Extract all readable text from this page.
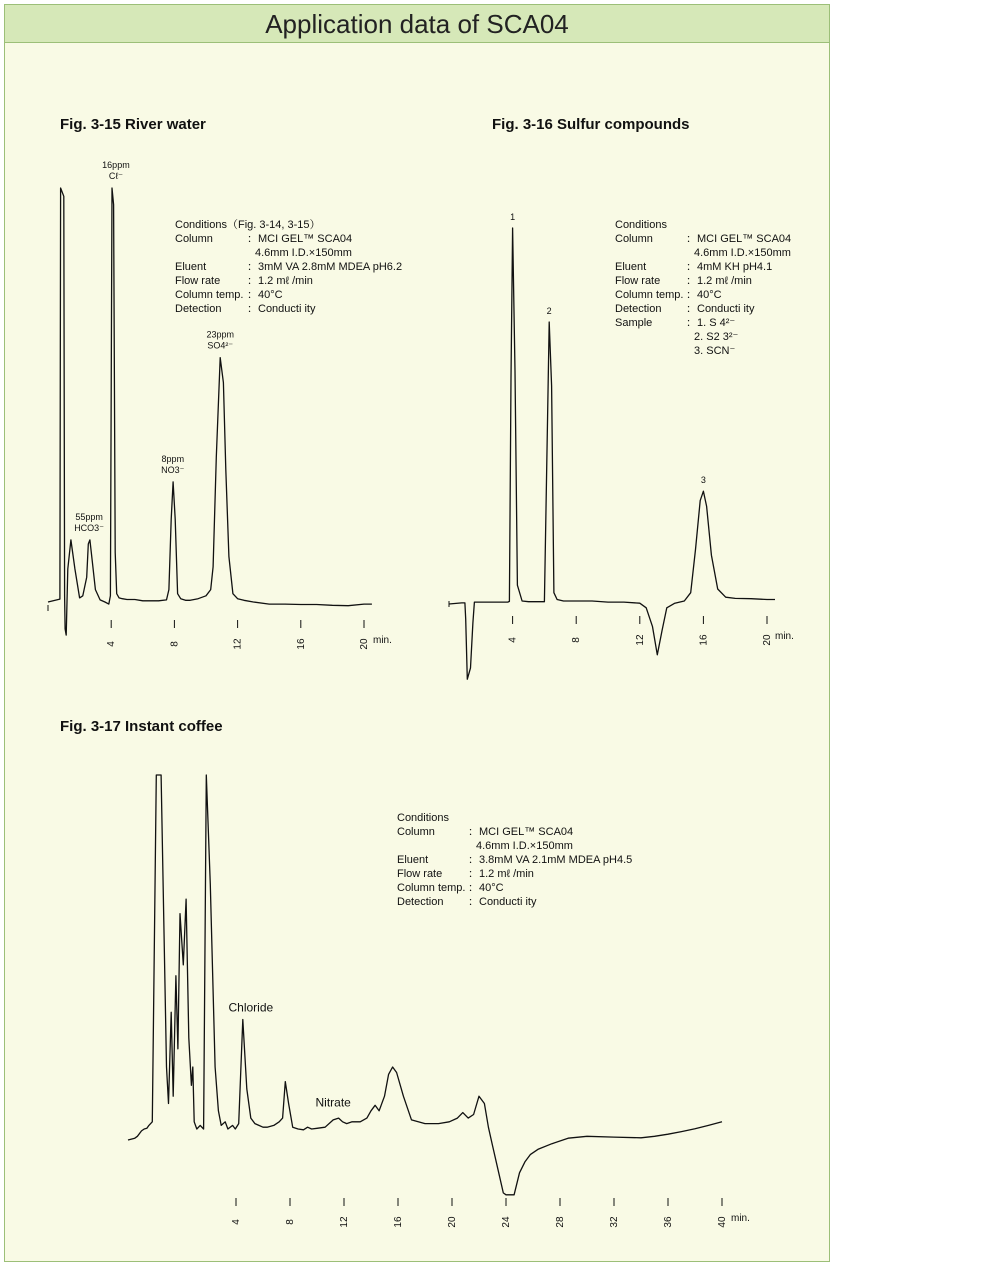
Application data of SCA04
Fig. 3-15 River water	Fig. 3-16 Sulfur compounds
Fig. 3-17 Instant coffee
4	8	12	16	20 min.
55ppm
HCO3⁻
16ppm
Cℓ⁻
8ppm
NO3⁻
23ppm
SO4²⁻
Conditions（Fig. 3-14, 3-15）
Column	：MCI GEL™ SCA04
4.6mm I.D.×150mm
Eluent	：3mM VA 2.8mM MDEA pH6.2
Flow rate ：1.2 mℓ /min
Column temp. ：40°C
Detection ：Conducti ity
4	8	12	16	20 min.
1
2
3
Conditions
Column	：MCI GEL™ SCA04
4.6mm I.D.×150mm
Eluent	：4mM KH pH4.1
Flow rate ：1.2 mℓ /min
Column temp. ：40°C
Detection ：Conducti ity
Sample	：1. S 4²⁻
2. S2 3²⁻
3. SCN⁻
4	8	12	16	20	24	28	32	36	40 min.
Chloride
Nitrate
Conditions
Column	：MCI GEL™ SCA04
4.6mm I.D.×150mm
Eluent	：3.8mM VA 2.1mM MDEA pH4.5
Flow rate ：1.2 mℓ /min
Column temp. ：40°C
Detection ：Conducti ity
